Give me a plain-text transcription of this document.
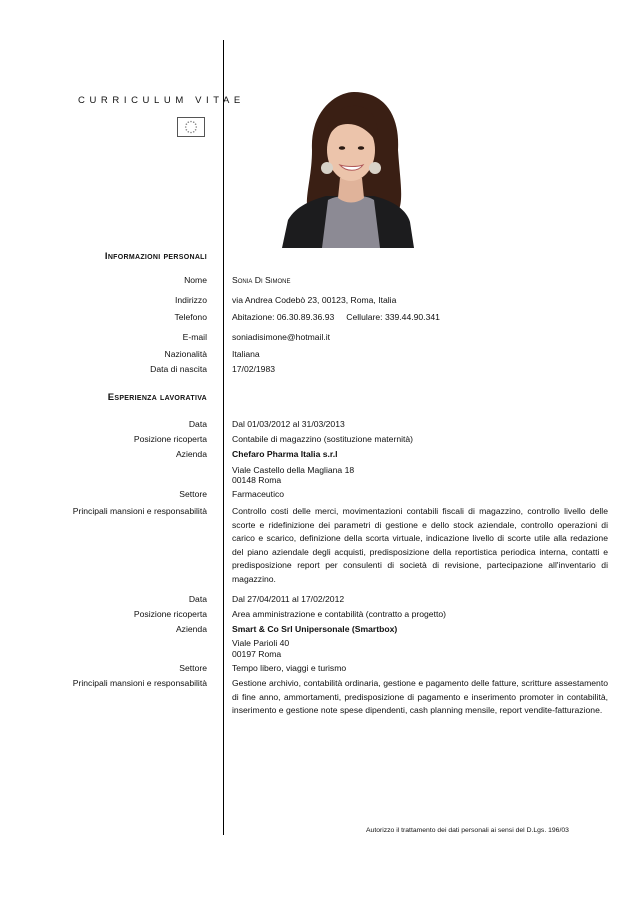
CURRICULUM VITAE
Informazioni personali
Nome	Sonia Di Simone
Indirizzo	via Andrea Codebò 23, 00123, Roma, Italia
Telefono	Abitazione: 06.30.89.36.93 Cellulare: 339.44.90.341
E-mail	soniadisimone@hotmail.it
Nazionalità	Italiana
Data di nascita	17/02/1983
Esperienza lavorativa
Data	Dal 01/03/2012 al 31/03/2013
Posizione ricoperta	Contabile di magazzino (sostituzione maternità)
Azienda	Chefaro Pharma Italia s.r.l
Viale Castello della Magliana 18
00148 Roma
Settore	Farmaceutico
Principali mansioni e responsabilità	Controllo costi delle merci, movimentazioni contabili fiscali di magazzino, controllo livello delle scorte e ridefinizione dei parametri di gestione e dello stock aziendale, controllo operazioni di carico e scarico, definizione della scorta virtuale, indicazione livello di scorte utile alla redazione del piano aziendale degli acquisti, predisposizione della reportistica periodica interna, contatti e predisposizione report per consulenti di società di revisione, partecipazione all'inventario di magazzino.
Data	Dal 27/04/2011 al 17/02/2012
Posizione ricoperta	Area amministrazione e contabilità (contratto a progetto)
Azienda	Smart & Co Srl Unipersonale (Smartbox)
Viale Parioli 40
00197 Roma
Settore	Tempo libero, viaggi e turismo
Principali mansioni e responsabilità	Gestione archivio, contabilità ordinaria, gestione e pagamento delle fatture, scritture assestamento di fine anno, ammortamenti, predisposizione di pagamento e inserimento promoter in contabilità, inserimento e gestione note spese dipendenti, cash planning mensile, report vendite-fatturazione.
Autorizzo il trattamento dei dati personali ai sensi del D.Lgs. 196/03
